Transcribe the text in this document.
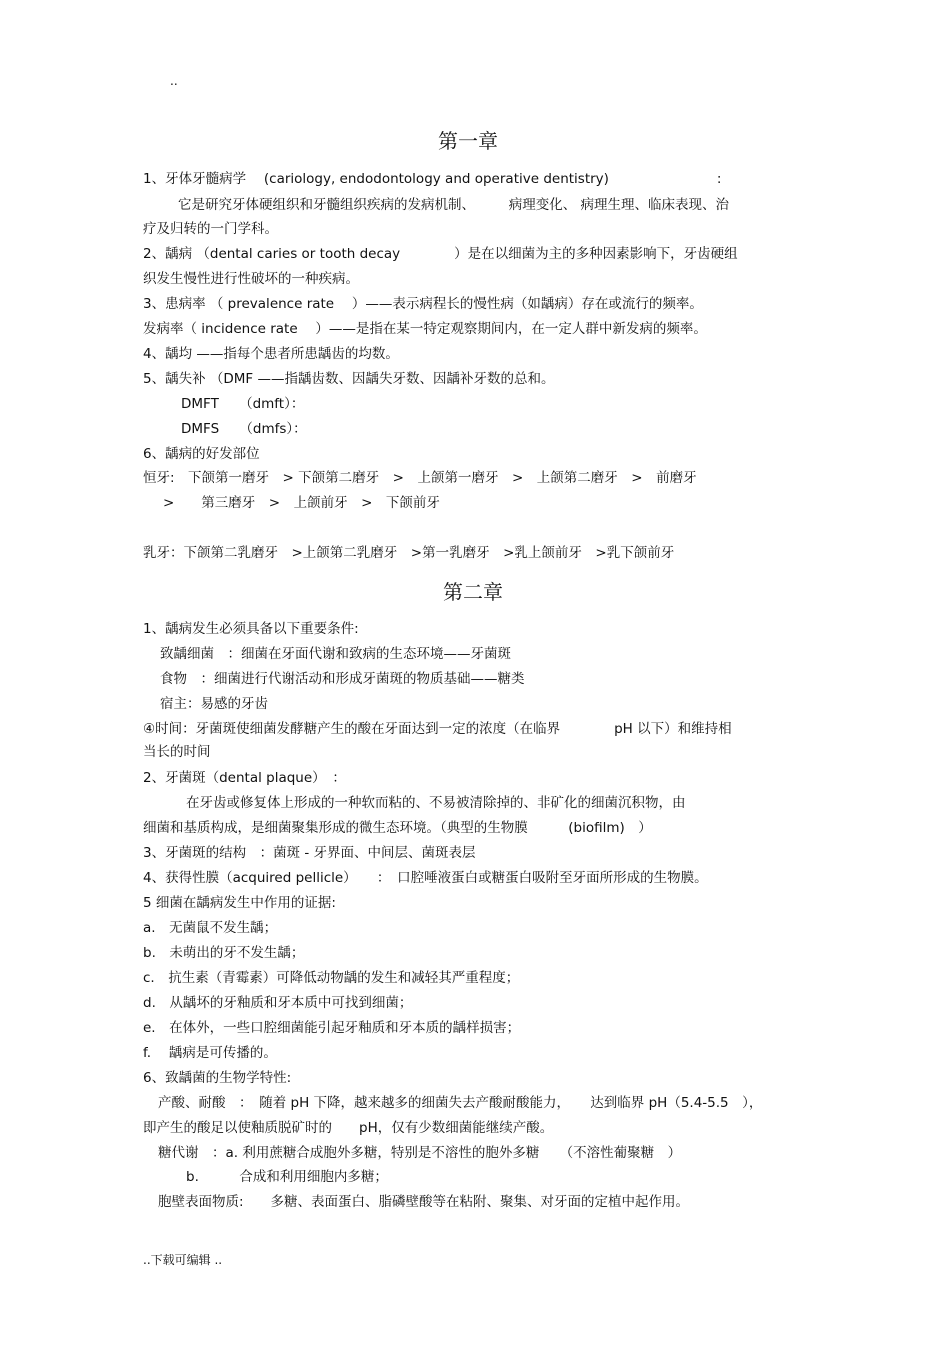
..
第一章
1、牙体牙髓病学 　(cariology, endodontology and operative dentistry)　　　　　　　　:
它是研究牙体硬组织和牙髓组织疾病的发病机制、　　　病理变化、 病理生理、临床表现、治
疗及归转的一门学科。
2、龋病 （dental caries or tooth decay　　　　）是在以细菌为主的多种因素影响下，牙齿硬组
织发生慢性进行性破坏的一种疾病。
3、患病率 （ prevalence rate　 ）——表示病程长的慢性病（如龋病）存在或流行的频率。
发病率（ incidence rate　 ）——是指在某一特定观察期间内，在一定人群中新发病的频率。
4、龋均 ——指每个患者所患龋齿的均数。
5、龋失补 （DMF ——指龋齿数、因龋失牙数、因龋补牙数的总和。
DMFT　　（dmft）：
DMFS　　（dmfs）：
6、龋病的好发部位
恒牙:　下颌第一磨牙　> 下颌第二磨牙　>　上颌第一磨牙　>　上颌第二磨牙　>　前磨牙
>　　第三磨牙　>　上颌前牙　>　下颌前牙
乳牙：下颌第二乳磨牙　>上颌第二乳磨牙　>第一乳磨牙　>乳上颌前牙　>乳下颌前牙
第二章
1、龋病发生必须具备以下重要条件:
致龋细菌　：细菌在牙面代谢和致病的生态环境——牙菌斑
食物　：细菌进行代谢活动和形成牙菌斑的物质基础——糖类
宿主：易感的牙齿
④时间：牙菌斑使细菌发酵糖产生的酸在牙面达到一定的浓度（在临界　　　　pH 以下）和维持相
当长的时间
2、牙菌斑（dental plaque）　：
在牙齿或修复体上形成的一种软而粘的、不易被清除掉的、非矿化的细菌沉积物，由
细菌和基质构成，是细菌聚集形成的微生态环境。（典型的生物膜　　　(biofilm)　）
3、牙菌斑的结构　：菌斑 - 牙界面、中间层、菌斑表层
4、获得性膜（acquired pellicle）　　：　口腔唾液蛋白或糖蛋白吸附至牙面所形成的生物膜。
5 细菌在龋病发生中作用的证据:
a.　无菌鼠不发生龋；
b.　未萌出的牙不发生龋；
c.　抗生素（青霉素）可降低动物龋的发生和减轻其严重程度；
d.　从龋坏的牙釉质和牙本质中可找到细菌；
e.　在体外，一些口腔细菌能引起牙釉质和牙本质的龋样损害；
f.　 龋病是可传播的。
6、致龋菌的生物学特性:
产酸、耐酸　：　随着 pH 下降，越来越多的细菌失去产酸耐酸能力，　　达到临界 pH（5.4-5.5　），
即产生的酸足以使釉质脱矿时的　　pH，仅有少数细菌能继续产酸。
糖代谢　：a. 利用蔗糖合成胞外多糖，特别是不溶性的胞外多糖　　（不溶性葡聚糖　）
b.　　　合成和利用细胞内多糖；
胞壁表面物质:　　多糖、表面蛋白、脂磷壁酸等在粘附、聚集、对牙面的定植中起作用。
..下载可编辑 ..
